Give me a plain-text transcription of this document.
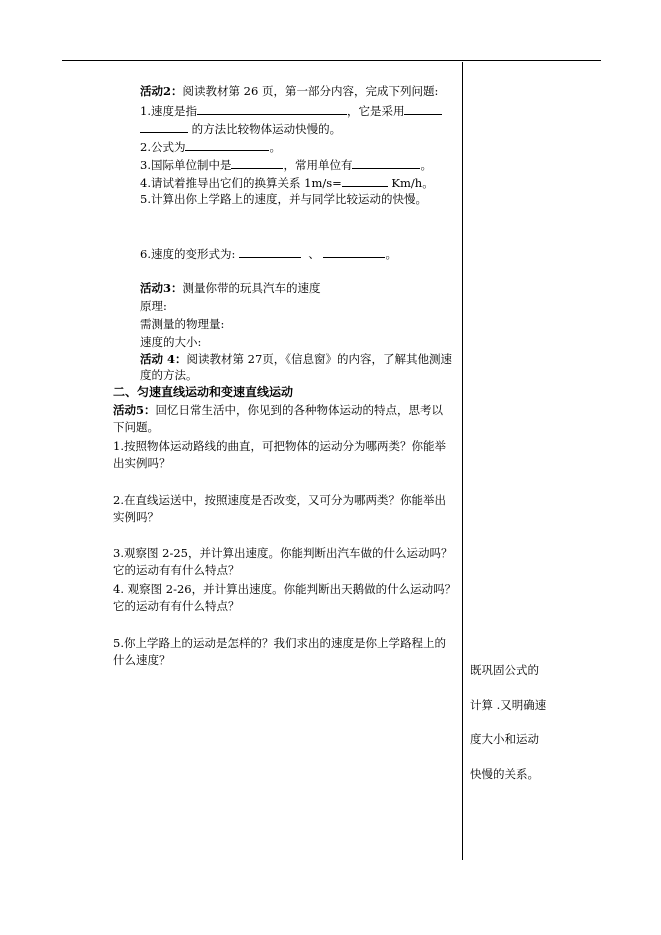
活动2：阅读教材第 26 页，第一部分内容，完成下列问题:
1.速度是指	，它是采用
的方法比较物体运动快慢的。
2.公式为	。
3.国际单位制中是	，常用单位有	。
4.请试着推导出它们的换算关系 1m/s=	Km/h。
5.计算出你上学路上的速度，并与同学比较运动的快慢。
6.速度的变形式为:	、	。
活动3：测量你带的玩具汽车的速度
原理:
需测量的物理量:
速度的大小:
活动 4：阅读教材第 27页，《信息窗》的内容，了解其他测速
度的方法。
二、匀速直线运动和变速直线运动
活动5：回忆日常生活中，你见到的各种物体运动的特点，思考以
下问题。
1.按照物体运动路线的曲直，可把物体的运动分为哪两类？你能举
出实例吗？
2.在直线运送中，按照速度是否改变，又可分为哪两类？你能举出
实例吗？
3.观察图 2-25，并计算出速度。你能判断出汽车做的什么运动吗？
它的运动有有什么特点？
4. 观察图 2-26，并计算出速度。你能判断出天鹅做的什么运动吗？
它的运动有有什么特点？
5.你上学路上的运动是怎样的？我们求出的速度是你上学路程上的
什么速度？
既巩固公式的
计算 .又明确速
度大小和运动
快慢的关系。
